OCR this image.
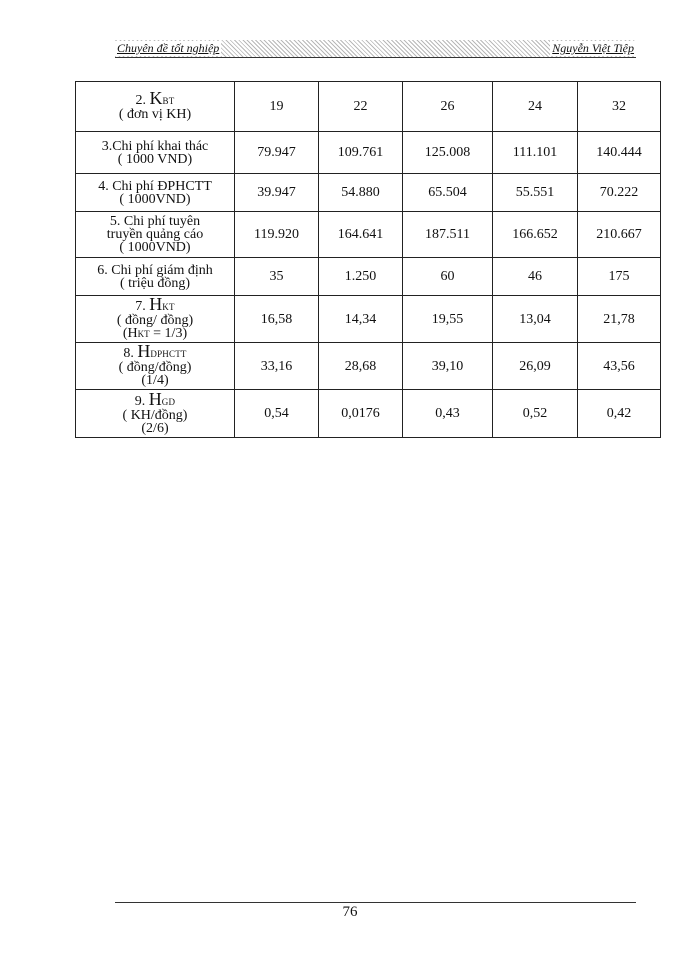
Chuyên đề tốt nghiệp	Nguyễn Việt Tiệp
2. KBT
( đơn vị KH)	19	22	26	24	32

3.Chi phí khai thác
( 1000 VND)	79.947	109.761	125.008	111.101	140.444

4. Chi phí ĐPHCTT
( 1000VND)	39.947	54.880	65.504	55.551	70.222

5. Chi phí tuyên
truyền quảng cáo
( 1000VND)	119.920	164.641	187.511	166.652	210.667

6. Chi phí giám định
( triệu đồng)	35	1.250	60	46	175

7. HKT
( đồng/ đồng)
(HKT = 1/3)	16,58	14,34	19,55	13,04	21,78

8. HDPHCTT
( đồng/đồng)
(1/4)	33,16	28,68	39,10	26,09	43,56

9. HGD
( KH/đồng)
(2/6)	0,54	0,0176	0,43	0,52	0,42
76
